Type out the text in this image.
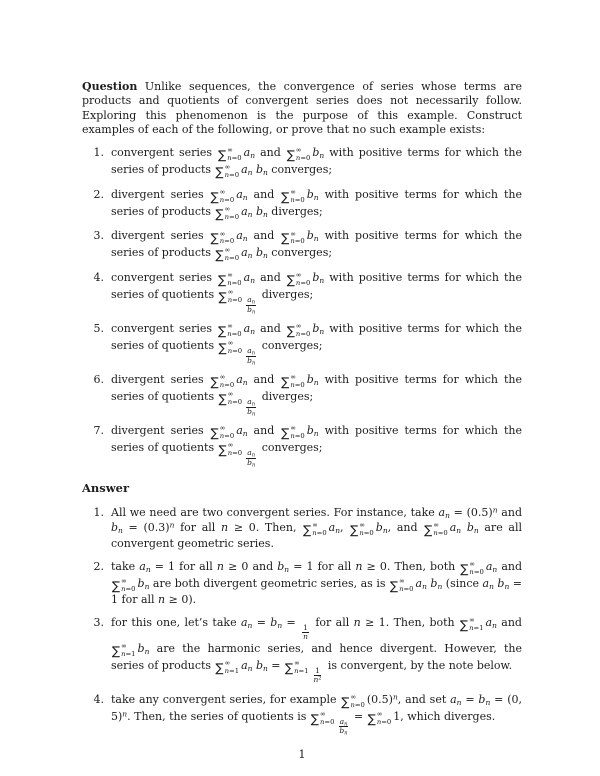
Question Unlike sequences, the convergence of series whose terms are products and quotients of convergent series does not necessarily follow. Exploring this phenomenon is the purpose of this example. Construct examples of each of the following, or prove that no such example exists:

1. convergent series ∑ ∞
n=0 $a_n$ and ∑ ∞
n=0 $b_n$ with positive terms for which the series of products ∑ ∞
n=0 $a_n$ $b_n$ converges;
2. divergent series ∑ ∞
n=0 $a_n$ and ∑ ∞
n=0 $b_n$ with positive terms for which the series of products ∑ ∞
n=0 $a_n$ $b_n$ diverges;
3. divergent series ∑ ∞
n=0 $a_n$ and ∑ ∞
n=0 $b_n$ with positive terms for which the series of products ∑ ∞
n=0 $a_n$ $b_n$ converges;
4. convergent series ∑ ∞
n=0 $a_n$ and ∑ ∞
n=0 $b_n$ with positive terms for which the series of quotients ∑ ∞
$n=0 \frac{a_n}{b_n}$
diverges;
5. convergent series ∑ ∞
n=0 $a_n$ and ∑ ∞
n=0 $b_n$ with positive terms for which the series of quotients ∑ ∞
$n=0 \frac{a_n}{b_n}$
converges;
6. divergent series ∑ ∞
n=0 $a_n$ and ∑ ∞
n=0 $b_n$ with positive terms for which the series of quotients ∑ ∞
$n=0 \frac{a_n}{b_n}$
diverges;
7. divergent series ∑ ∞
n=0 $a_n$ and ∑ ∞
n=0 $b_n$ with positive terms for which the series of quotients ∑ ∞
$n=0 \frac{a_n}{b_n}$
converges;

Answer

1. All we need are two convergent series. For instance, take $a_n = (0.5)^n$ and $b_n = (0.3)^n$ for all n ≥ 0. Then, ∑ ∞
n=0 $a_n$, ∑ ∞
n=0 $b_n$, and ∑ ∞
n=0 $a_n$ $b_n$ are all convergent geometric series.
2. take $a_n = 1$ for all n ≥ 0 and $b_n = 1$ for all n ≥ 0. Then, both ∑ ∞
n=0 $a_n$ and
∑ ∞
n=0 $b_n$ are both divergent geometric series, as is ∑ ∞
n=0 $a_n$ $b_n$ (since $a_n$ $b_n = 1$ for all n ≥ 0).
3. for this one, let’s take $a_n = b_n$ =
$\frac{1}{n}$
for all n ≥ 1. Then, both ∑ ∞
n=1 $a_n$ and
∑ ∞
n=1 $b_n$ are the harmonic series, and hence divergent. However, the series of products ∑ ∞
n=1 $a_n$ $b_n$ = ∑ ∞
$n=1 \frac{1}{\text{n²}}$
is convergent, by the note below.
4. take any convergent series, for example ∑ ∞
n=0 $(0.5)^n$, and set $a_n = b_n = (0$, 5)$^n$. Then, the series of quotients is ∑ ∞
$n=0 \frac{a_n}{b_n}$
= ∑ ∞
n=0 1, which diverges.
1
